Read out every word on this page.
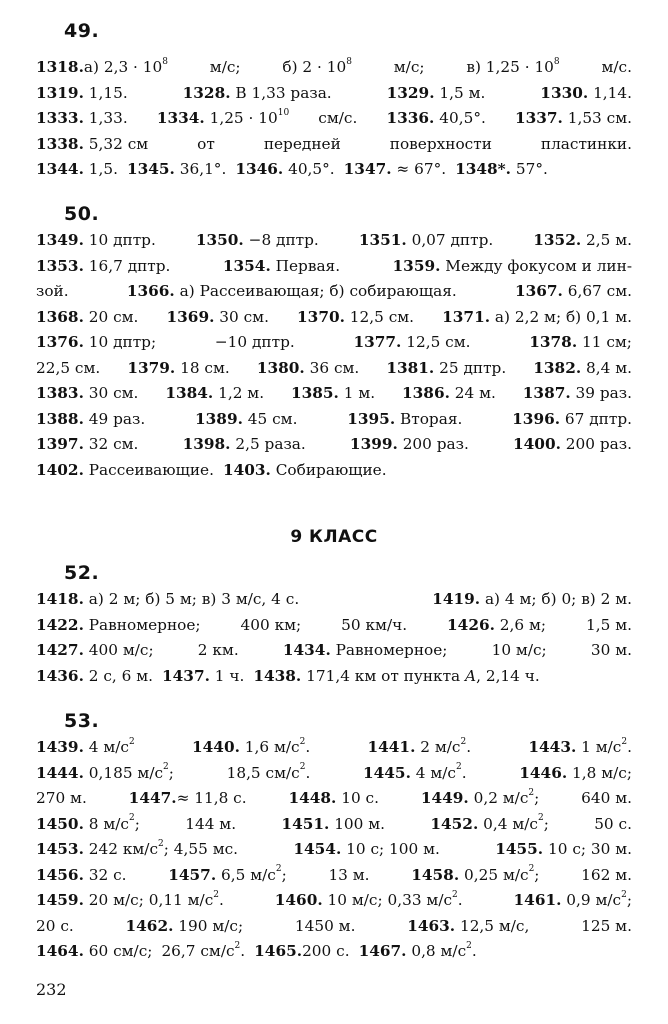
49.
1318.а) $2,3 \cdot 10^8$	м/с;	б) $2 \cdot 10^8$	м/с;	в) $1,25 \cdot 10^8$	м/с.
1319. 1,15.	1328. В 1,33 раза.	1329. 1,5 м.	1330. 1,14.
1333. 1,33. 1334. $1,25 \cdot 10^{10}$ см/с. 1336. 40,5°. 1337. 1,53 см.
1338. 5,32 см	от	передней	поверхности	пластинки.
1344. 1,5. 1345. 36,1°. 1346. 40,5°. 1347. ≈ 67°. 1348*. 57°.
50.
1349. 10 дптр.	1350. −8 дптр.	1351. 0,07 дптр.	1352. 2,5 м.
1353. 16,7 дптр.	1354. Первая.	1359. Между фокусом и лин-
зой.	1366. а) Рассеивающая; б) собирающая.	1367. 6,67 см.
1368. 20 см. 1369. 30 см. 1370. 12,5 см. 1371. а) 2,2 м; б) 0,1 м.
1376. 10 дптр;	−10 дптр.	1377. 12,5 см.	1378. 11 см;
22,5 см. 1379. 18 см. 1380. 36 см. 1381. 25 дптр. 1382. 8,4 м.
1383. 30 см. 1384. 1,2 м. 1385. 1 м. 1386. 24 м. 1387. 39 раз.
1388. 49 раз.	1389. 45 см.	1395. Вторая.	1396. 67 дптр.
1397. 32 см.	1398. 2,5 раза.	1399. 200 раз.	1400. 200 раз.
1402. Рассеивающие. 1403. Собирающие.
9 КЛАСС
52.
1418. а) 2 м; б) 5 м; в) 3 м/с, 4 с.	1419. а) 4 м; б) 0; в) 2 м.
1422. Равномерное;	400 км;	50 км/ч.	1426. 2,6 м;	1,5 м.
1427. 400 м/с;	2 км.	1434. Равномерное;	10 м/с;	30 м.
1436. 2 с, 6 м. 1437. 1 ч. 1438. 171,4 км от пункта A, 2,14 ч.
53.
1439. 4 $м/с^2$	1440. 1,6 $м/с^2$.	1441. 2 $м/с^2$.	1443. 1 $м/с^2$.
1444. 0,185 $м/с^2$;	18,5 $см/с^2$.	1445. 4 $м/с^2$.	1446. 1,8 м/с;
270 м.	1447.≈ 11,8 с.	1448. 10 с.	1449. 0,2 $м/с^2$;	640 м.
1450. 8 $м/с^2$;	144 м.	1451. 100 м.	1452. 0,4 $м/с^2$;	50 с.
1453. 242 $км/с^2$; 4,55 мс.	1454. 10 с; 100 м.	1455. 10 с; 30 м.
1456. 32 с.	1457. 6,5 $м/с^2$;	13 м.	1458. 0,25 $м/с^2$;	162 м.
1459. 20 м/с; 0,11 $м/с^2$.	1460. 10 м/с; 0,33 $м/с^2$.	1461. 0,9 $м/с^2$;
20 с.	1462. 190 м/с;	1450 м.	1463. 12,5 м/с,	125 м.
1464. 60 см/с; 26,7 $см/с^2$. 1465.200 с. 1467. 0,8 $м/с^2$.
232
